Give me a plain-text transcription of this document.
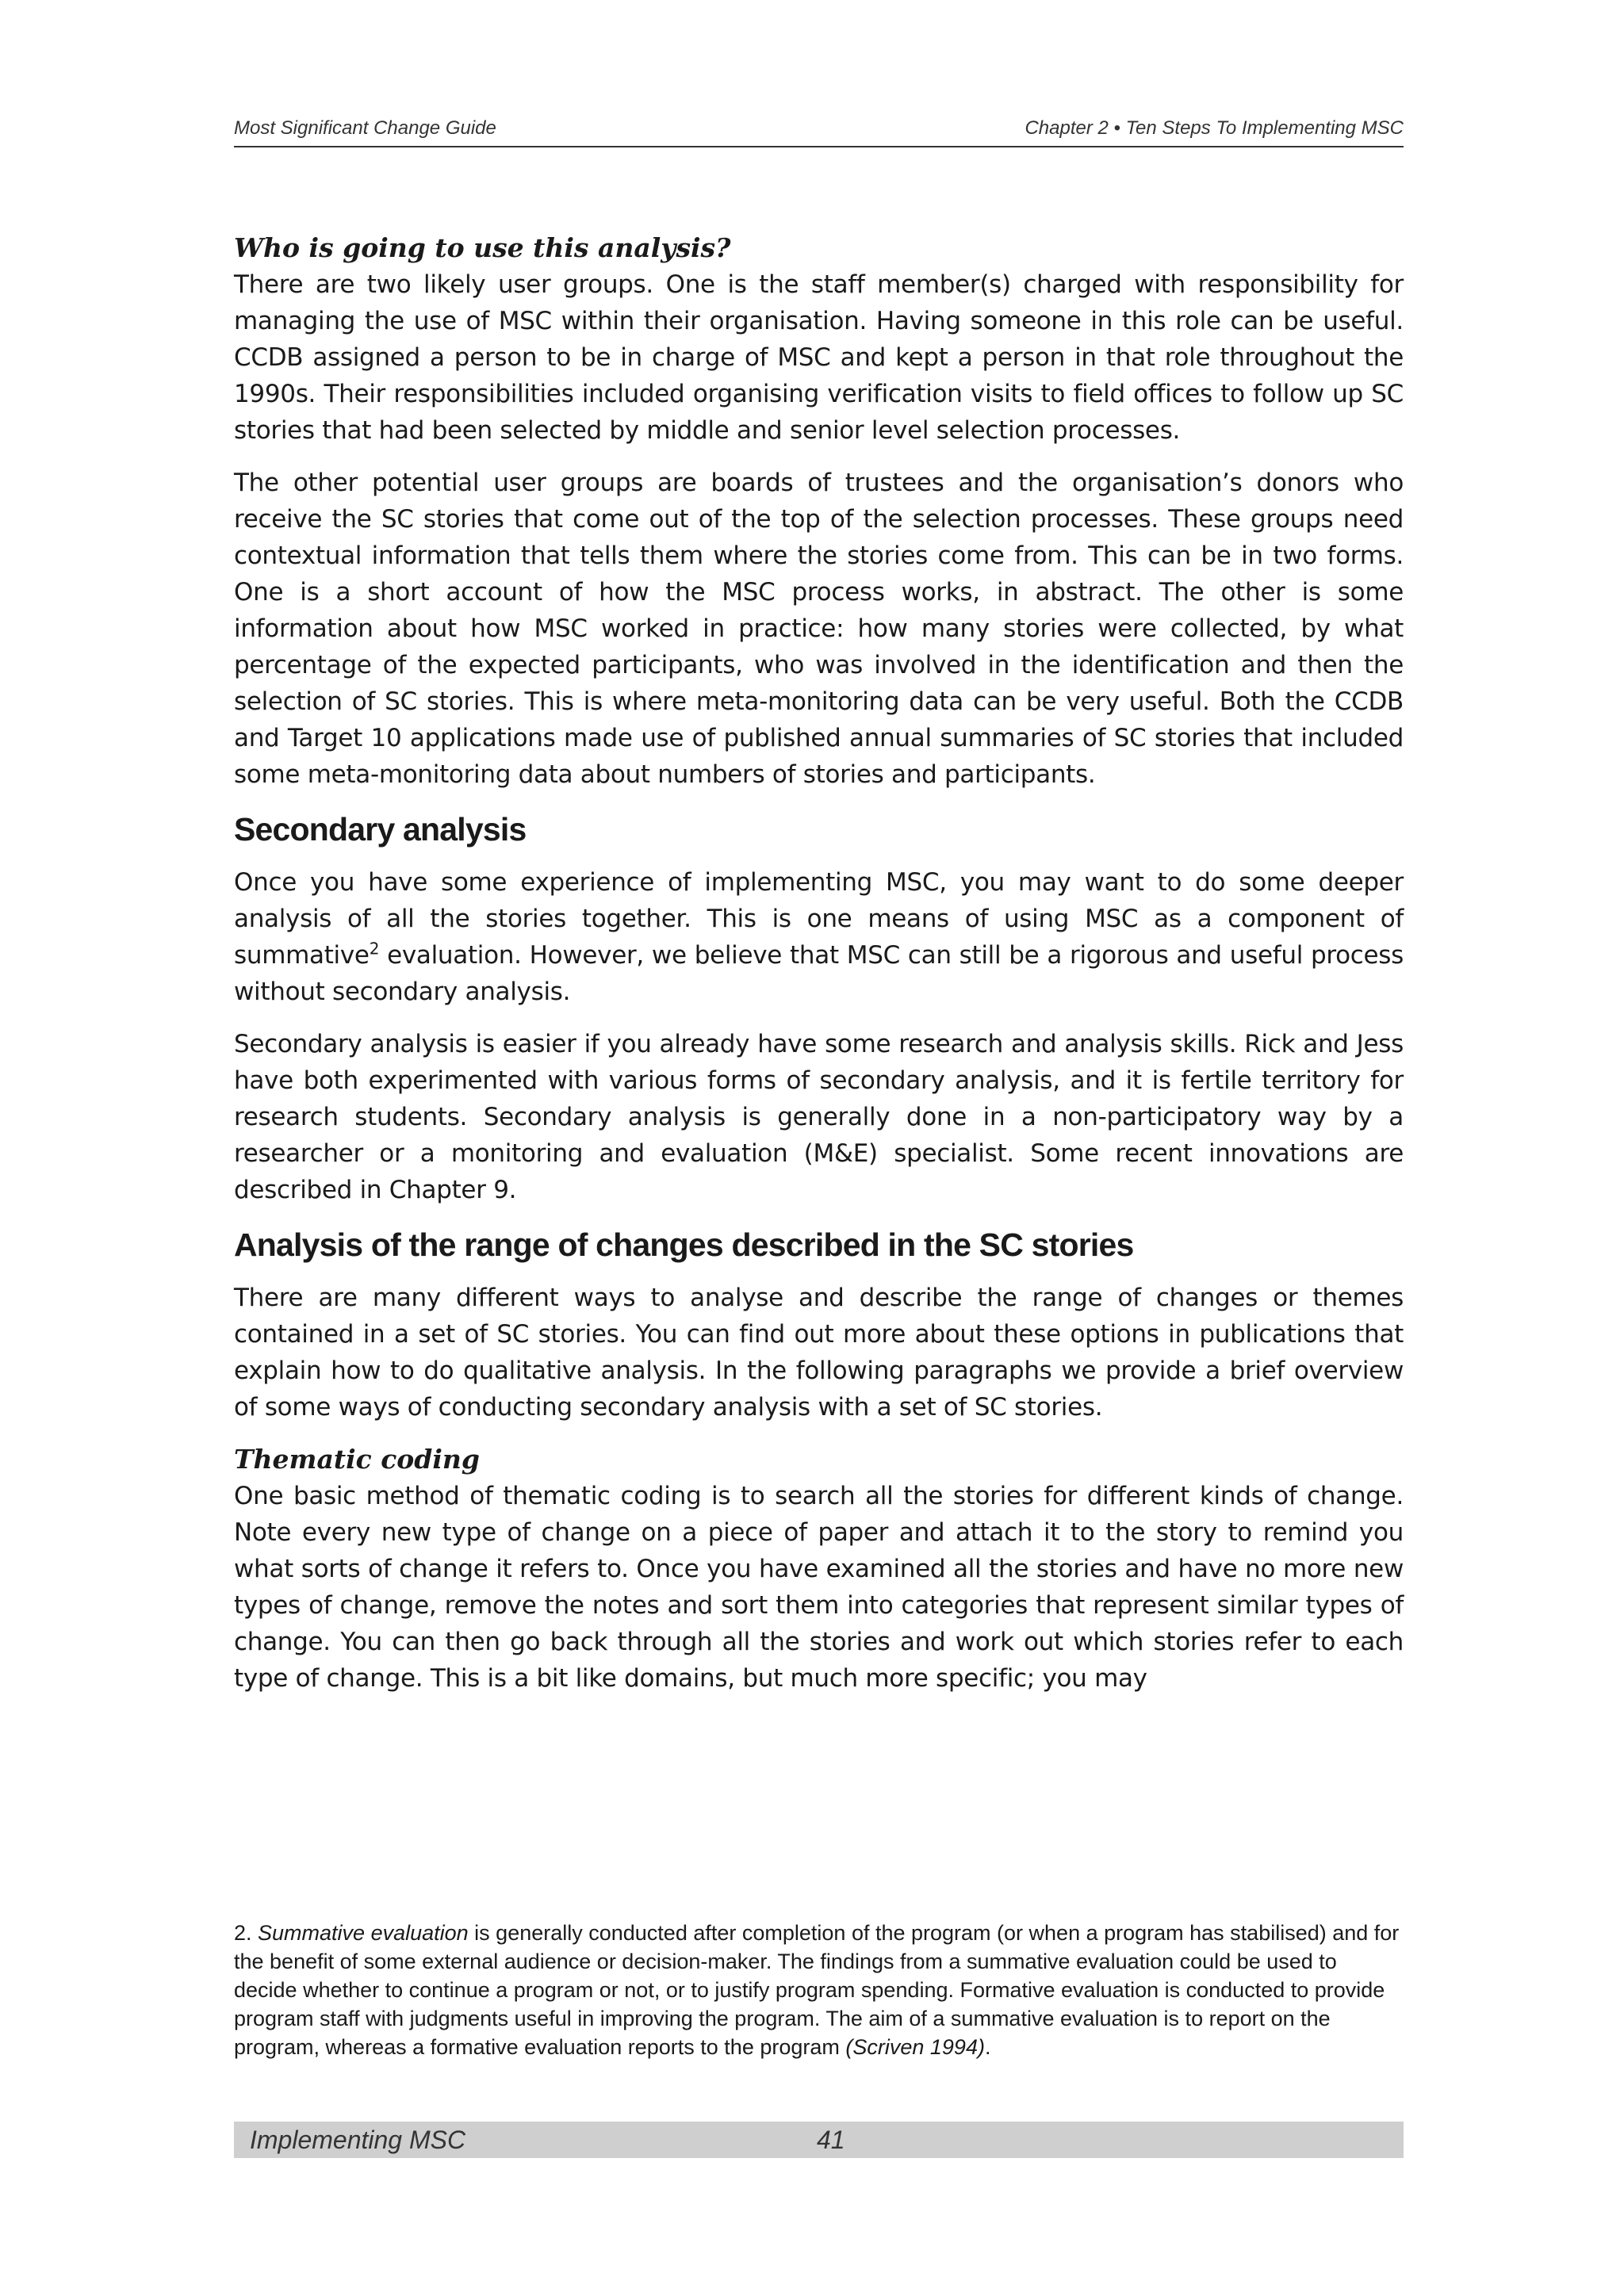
Most Significant Change Guide	Chapter 2 • Ten Steps To Implementing MSC

Who is going to use this analysis?

There are two likely user groups. One is the staff member(s) charged with responsibility for managing the use of MSC within their organisation. Having someone in this role can be useful. CCDB assigned a person to be in charge of MSC and kept a person in that role throughout the 1990s. Their responsibilities included organising verification visits to field offices to follow up SC stories that had been selected by middle and senior level selection processes.

The other potential user groups are boards of trustees and the organisation’s donors who receive the SC stories that come out of the top of the selection processes. These groups need contextual information that tells them where the stories come from. This can be in two forms. One is a short account of how the MSC process works, in abstract. The other is some information about how MSC worked in practice: how many stories were collected, by what percentage of the expected participants, who was involved in the identification and then the selection of SC stories. This is where meta-monitoring data can be very useful. Both the CCDB and Target 10 applications made use of published annual summaries of SC stories that included some meta-monitoring data about numbers of stories and participants.

Secondary analysis

Once you have some experience of implementing MSC, you may want to do some deeper analysis of all the stories together. This is one means of using MSC as a component of summative$^2$ evaluation. However, we believe that MSC can still be a rigorous and useful process without secondary analysis.

Secondary analysis is easier if you already have some research and analysis skills. Rick and Jess have both experimented with various forms of secondary analysis, and it is fertile territory for research students. Secondary analysis is generally done in a non-participatory way by a researcher or a monitoring and evaluation (M&E) specialist. Some recent innovations are described in Chapter 9.

Analysis of the range of changes described in the SC stories

There are many different ways to analyse and describe the range of changes or themes contained in a set of SC stories. You can find out more about these options in publications that explain how to do qualitative analysis. In the following paragraphs we provide a brief overview of some ways of conducting secondary analysis with a set of SC stories.

Thematic coding

One basic method of thematic coding is to search all the stories for different kinds of change. Note every new type of change on a piece of paper and attach it to the story to remind you what sorts of change it refers to. Once you have examined all the stories and have no more new types of change, remove the notes and sort them into categories that represent similar types of change. You can then go back through all the stories and work out which stories refer to each type of change. This is a bit like domains, but much more specific; you may

2. Summative evaluation is generally conducted after completion of the program (or when a program has stabilised) and for the benefit of some external audience or decision-maker. The findings from a summative evaluation could be used to decide whether to continue a program or not, or to justify program spending. Formative evaluation is conducted to provide program staff with judgments useful in improving the program. The aim of a summative evaluation is to report on the program, whereas a formative evaluation reports to the program (Scriven 1994).

Implementing MSC	41
